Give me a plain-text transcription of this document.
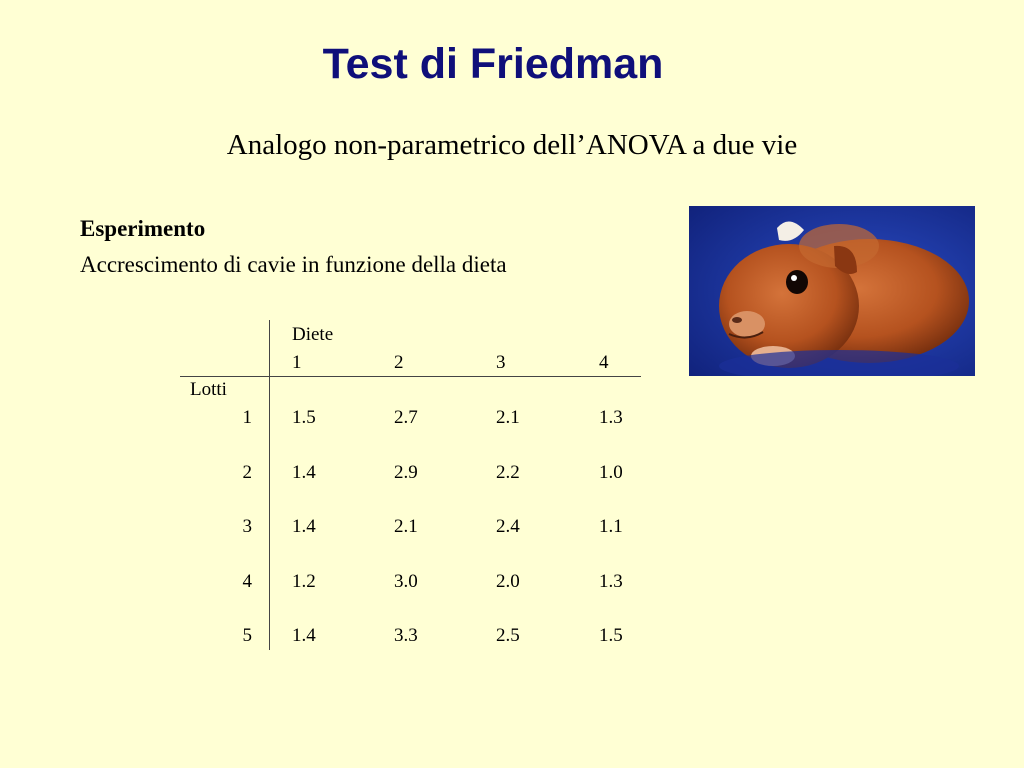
Test di Friedman
Analogo non-parametrico dell’ANOVA a due vie
Esperimento
Accrescimento di cavie in funzione della dieta
Diete
Lotti
1	2	3	4
1 1.5	2.7	2.1	1.3
2 1.4	2.9	2.2	1.0
3 1.4	2.1	2.4	1.1
4 1.2	3.0	2.0	1.3
5 1.4	3.3	2.5	1.5
